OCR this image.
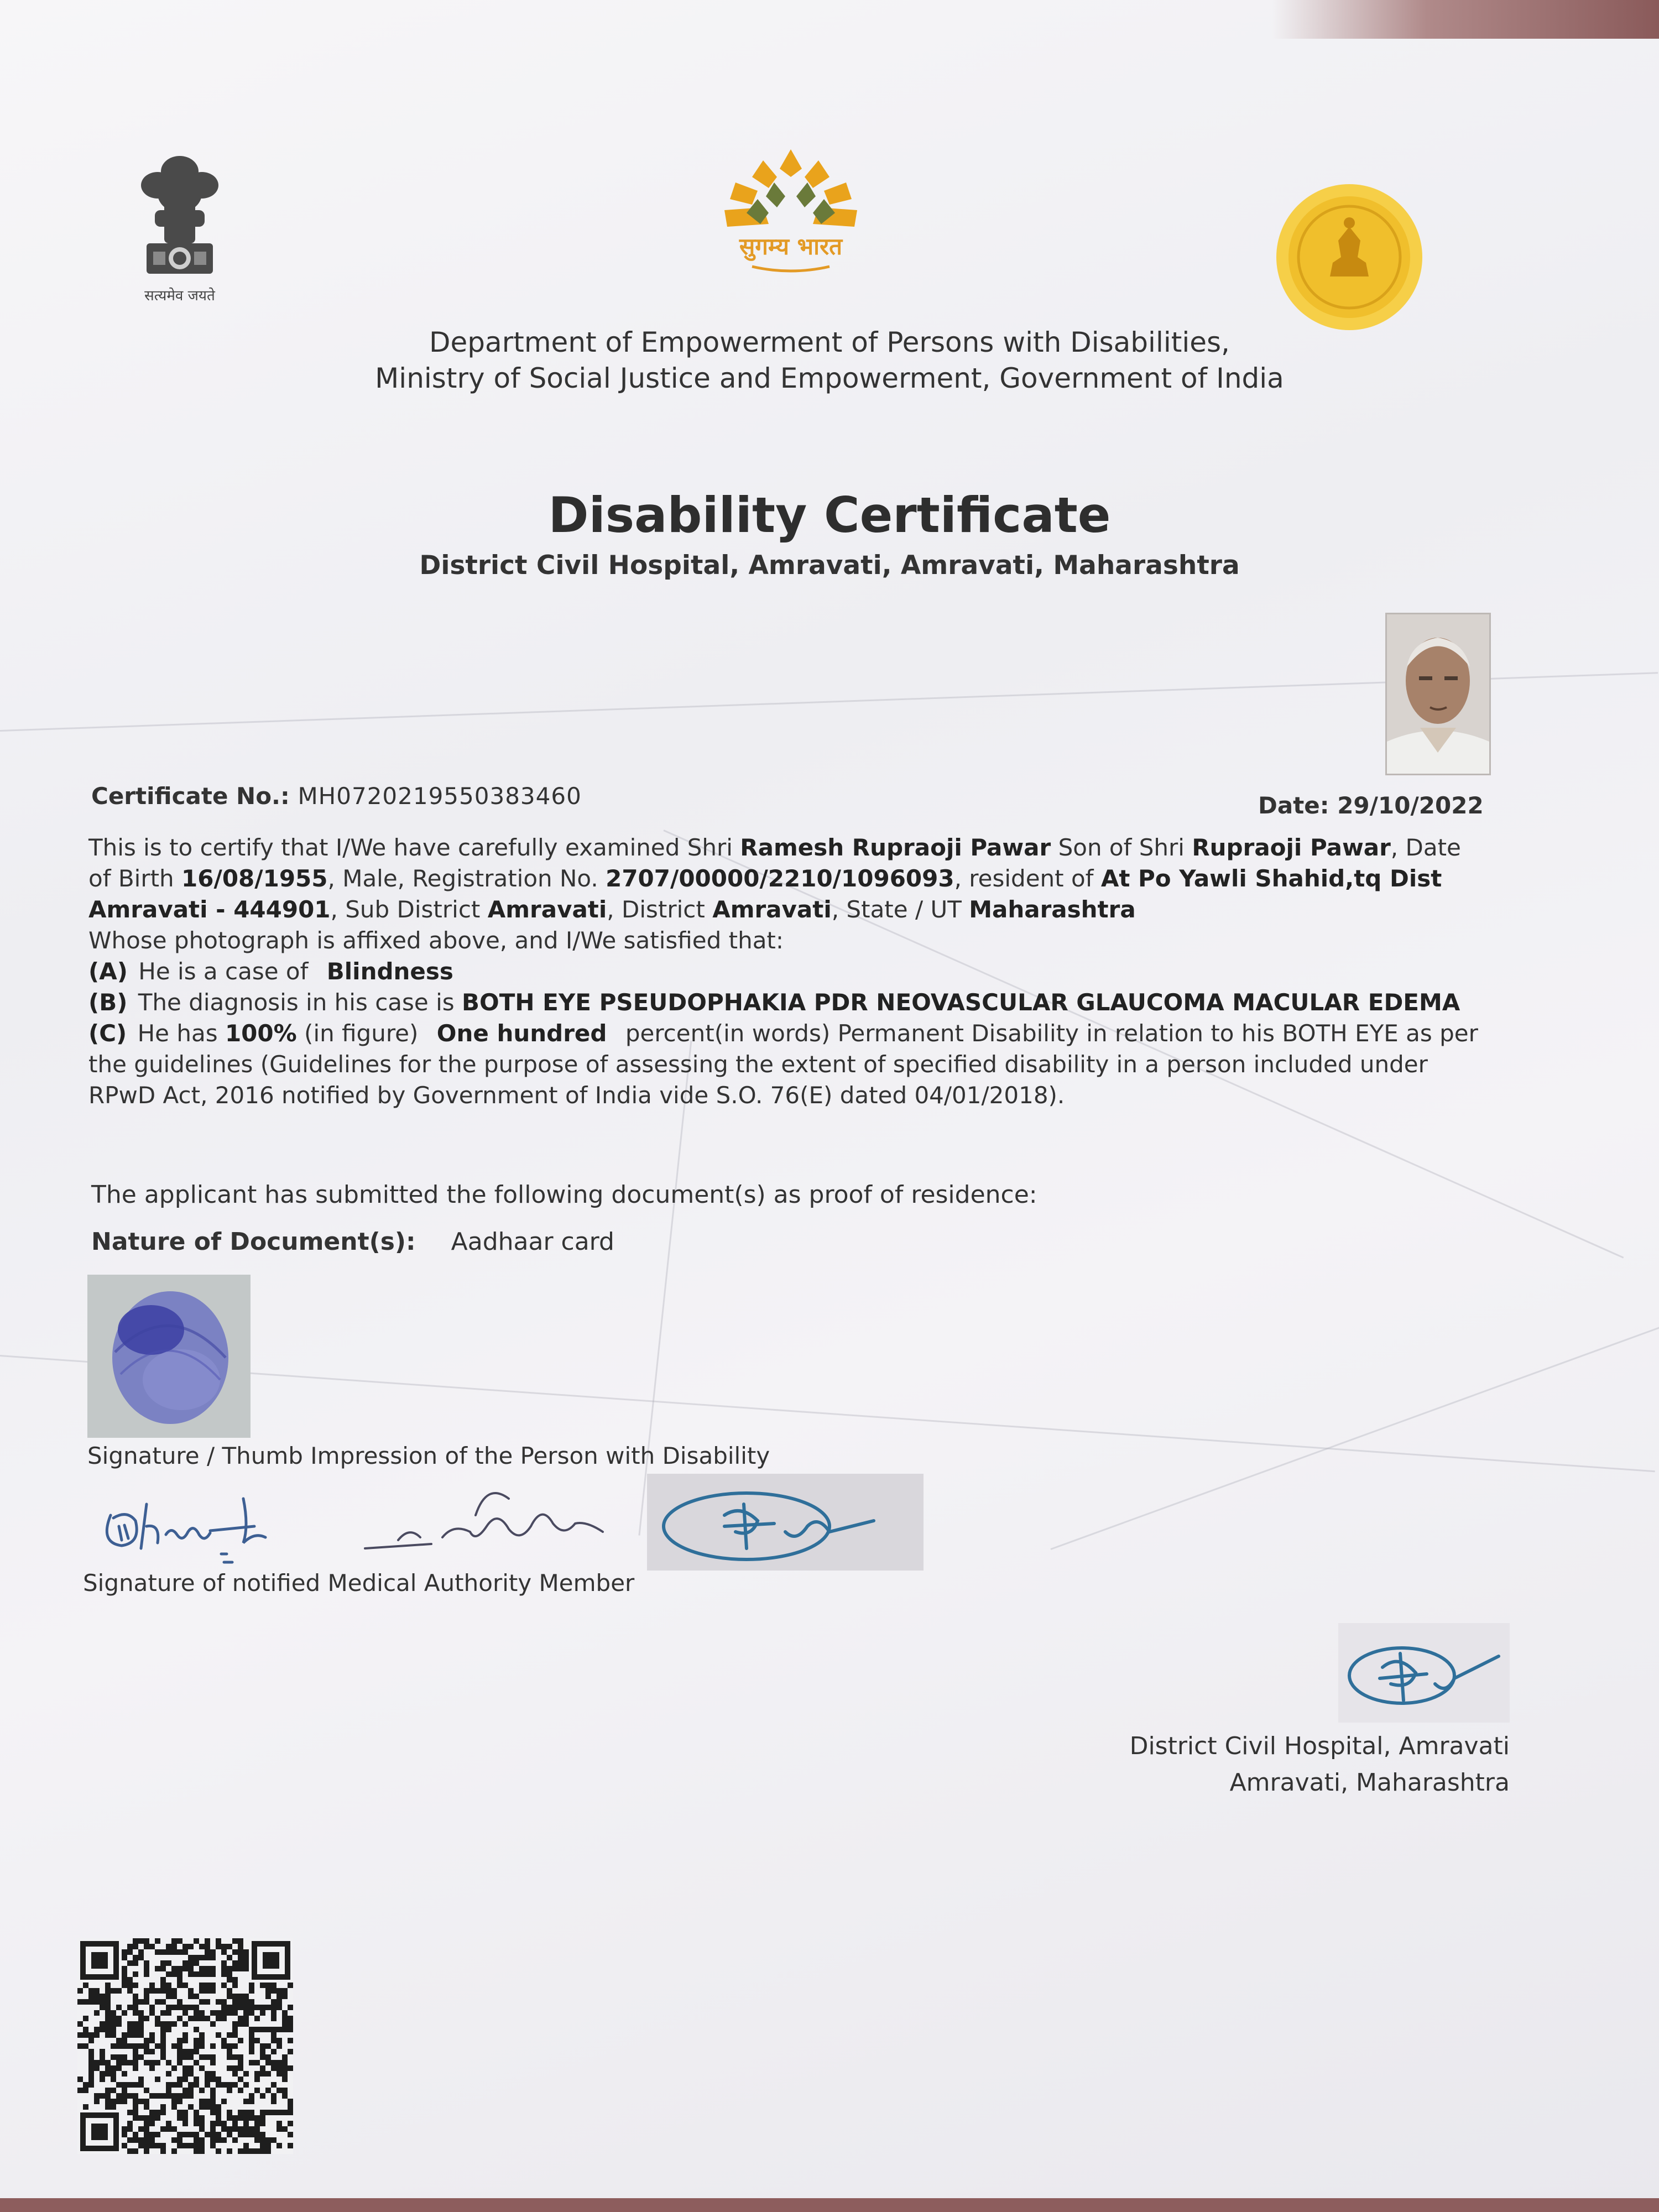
सत्यमेव जयते
सुगम्य भारत
Department of Empowerment of Persons with Disabilities,
Ministry of Social Justice and Empowerment, Government of India
Disability Certificate
District Civil Hospital, Amravati, Amravati, Maharashtra
Certificate No.: MH0720219550383460	Date: 29/10/2022
This is to certify that I/We have carefully examined Shri Ramesh Rupraoji Pawar Son of Shri Rupraoji Pawar, Date
of Birth 16/08/1955, Male, Registration No. 2707/00000/2210/1096093, resident of At Po Yawli Shahid,tq Dist
Amravati - 444901, Sub District Amravati, District Amravati, State / UT Maharashtra
Whose photograph is affixed above, and I/We satisfied that:
(A) He is a case of Blindness
(B) The diagnosis in his case is BOTH EYE PSEUDOPHAKIA PDR NEOVASCULAR GLAUCOMA MACULAR EDEMA
(C) He has 100% (in figure) One hundred percent(in words) Permanent Disability in relation to his BOTH EYE as per
the guidelines (Guidelines for the purpose of assessing the extent of specified disability in a person included under
RPwD Act, 2016 notified by Government of India vide S.O. 76(E) dated 04/01/2018).
The applicant has submitted the following document(s) as proof of residence:
Nature of Document(s): Aadhaar card
Signature / Thumb Impression of the Person with Disability
Signature of notified Medical Authority Member
District Civil Hospital, Amravati
Amravati, Maharashtra
